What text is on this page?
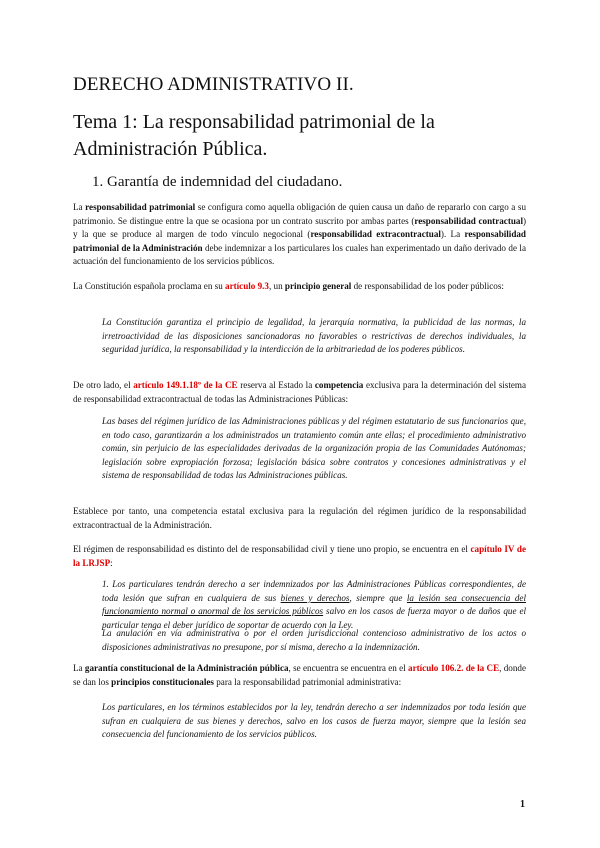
DERECHO ADMINISTRATIVO II.
Tema 1: La responsabilidad patrimonial de la Administración Pública.
1. Garantía de indemnidad del ciudadano.

La responsabilidad patrimonial se configura como aquella obligación de quien causa un daño de repararlo con cargo a su patrimonio. Se distingue entre la que se ocasiona por un contrato suscrito por ambas partes (responsabilidad contractual) y la que se produce al margen de todo vínculo negocional (responsabilidad extracontractual). La responsabilidad patrimonial de la Administración debe indemnizar a los particulares los cuales han experimentado un daño derivado de la actuación del funcionamiento de los servicios públicos.

La Constitución española proclama en su artículo 9.3, un principio general de responsabilidad de los poder públicos:

La Constitución garantiza el principio de legalidad, la jerarquía normativa, la publicidad de las normas, la irretroactividad de las disposiciones sancionadoras no favorables o restrictivas de derechos individuales, la seguridad jurídica, la responsabilidad y la interdicción de la arbitrariedad de los poderes públicos.

De otro lado, el artículo 149.1.18º de la CE reserva al Estado la competencia exclusiva para la determinación del sistema de responsabilidad extracontractual de todas las Administraciones Públicas:

Las bases del régimen jurídico de las Administraciones públicas y del régimen estatutario de sus funcionarios que, en todo caso, garantizarán a los administrados un tratamiento común ante ellas; el procedimiento administrativo común, sin perjuicio de las especialidades derivadas de la organización propia de las Comunidades Autónomas; legislación sobre expropiación forzosa; legislación básica sobre contratos y concesiones administrativas y el sistema de responsabilidad de todas las Administraciones públicas.

Establece por tanto, una competencia estatal exclusiva para la regulación del régimen jurídico de la responsabilidad extracontractual de la Administración.

El régimen de responsabilidad es distinto del de responsabilidad civil y tiene uno propio, se encuentra en el capítulo IV de la LRJSP:

1. Los particulares tendrán derecho a ser indemnizados por las Administraciones Públicas correspondientes, de toda lesión que sufran en cualquiera de sus bienes y derechos, siempre que la lesión sea consecuencia del funcionamiento normal o anormal de los servicios públicos salvo en los casos de fuerza mayor o de daños que el particular tenga el deber jurídico de soportar de acuerdo con la Ley.

La anulación en vía administrativa o por el orden jurisdiccional contencioso administrativo de los actos o disposiciones administrativas no presupone, por sí misma, derecho a la indemnización.

La garantía constitucional de la Administración pública, se encuentra se encuentra en el artículo 106.2. de la CE, donde se dan los principios constitucionales para la responsabilidad patrimonial administrativa:

Los particulares, en los términos establecidos por la ley, tendrán derecho a ser indemnizados por toda lesión que sufran en cualquiera de sus bienes y derechos, salvo en los casos de fuerza mayor, siempre que la lesión sea consecuencia del funcionamiento de los servicios públicos.

1
